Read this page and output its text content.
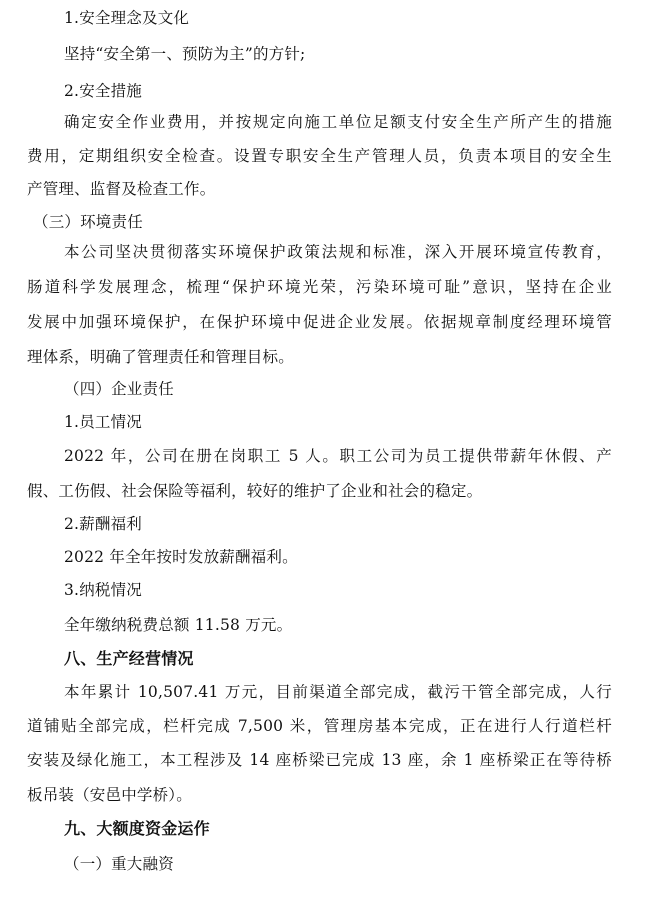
1.安全理念及文化
坚持“安全第一、预防为主”的方针;
2.安全措施
确定安全作业费用，并按规定向施工单位足额支付安全生产所产生的措施
费用，定期组织安全检查。设置专职安全生产管理人员，负责本项目的安全生
产管理、监督及检查工作。
（三）环境责任
本公司坚决贯彻落实环境保护政策法规和标准，深入开展环境宣传教育，
肠道科学发展理念，梳理“保护环境光荣，污染环境可耻”意识，坚持在企业
发展中加强环境保护，在保护环境中促进企业发展。依据规章制度经理环境管
理体系，明确了管理责任和管理目标。
（四）企业责任
1.员工情况
2022 年，公司在册在岗职工 5 人。职工公司为员工提供带薪年休假、产
假、工伤假、社会保险等福利，较好的维护了企业和社会的稳定。
2.薪酬福利
2022 年全年按时发放薪酬福利。
3.纳税情况
全年缴纳税费总额 11.58 万元。
八、生产经营情况
本年累计 10,507.41 万元，目前渠道全部完成，截污干管全部完成，人行
道铺贴全部完成，栏杆完成 7,500 米，管理房基本完成，正在进行人行道栏杆
安装及绿化施工，本工程涉及 14 座桥梁已完成 13 座，余 1 座桥梁正在等待桥
板吊装（安邑中学桥）。
九、大额度资金运作
（一）重大融资
